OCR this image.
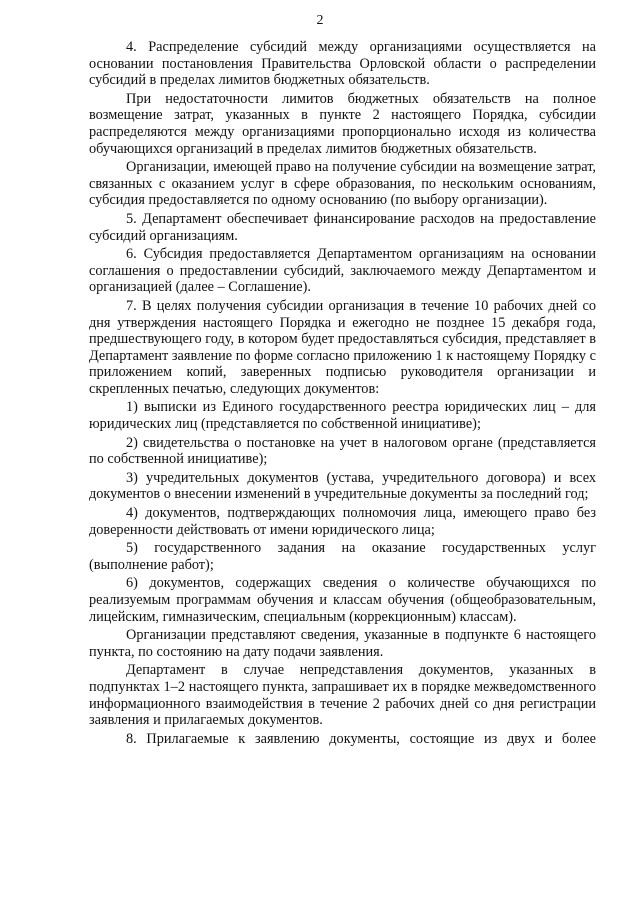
2

4. Распределение субсидий между организациями осуществляется на основании постановления Правительства Орловской области о распределении субсидий в пределах лимитов бюджетных обязательств.

При недостаточности лимитов бюджетных обязательств на полное возмещение затрат, указанных в пункте 2 настоящего Порядка, субсидии распределяются между организациями пропорционально исходя из количества обучающихся организаций в пределах лимитов бюджетных обязательств.

Организации, имеющей право на получение субсидии на возмещение затрат, связанных с оказанием услуг в сфере образования, по нескольким основаниям, субсидия предоставляется по одному основанию (по выбору организации).

5. Департамент обеспечивает финансирование расходов на предоставление субсидий организациям.

6. Субсидия предоставляется Департаментом организациям на основании соглашения о предоставлении субсидий, заключаемого между Департаментом и организацией (далее – Соглашение).

7. В целях получения субсидии организация в течение 10 рабочих дней со дня утверждения настоящего Порядка и ежегодно не позднее 15 декабря года, предшествующего году, в котором будет предоставляться субсидия, представляет в Департамент заявление по форме согласно приложению 1 к настоящему Порядку с приложением копий, заверенных подписью руководителя организации и скрепленных печатью, следующих документов:

1) выписки из Единого государственного реестра юридических лиц – для юридических лиц (представляется по собственной инициативе);

2) свидетельства о постановке на учет в налоговом органе (представляется по собственной инициативе);

3) учредительных документов (устава, учредительного договора) и всех документов о внесении изменений в учредительные документы за последний год;

4) документов, подтверждающих полномочия лица, имеющего право без доверенности действовать от имени юридического лица;

5) государственного задания на оказание государственных услуг (выполнение работ);

6) документов, содержащих сведения о количестве обучающихся по реализуемым программам обучения и классам обучения (общеобразовательным, лицейским, гимназическим, специальным (коррекционным) классам).

Организации представляют сведения, указанные в подпункте 6 настоящего пункта, по состоянию на дату подачи заявления.

Департамент в случае непредставления документов, указанных в подпунктах 1–2 настоящего пункта, запрашивает их в порядке межведомственного информационного взаимодействия в течение 2 рабочих дней со дня регистрации заявления и прилагаемых документов.

8. Прилагаемые к заявлению документы, состоящие из двух и более
